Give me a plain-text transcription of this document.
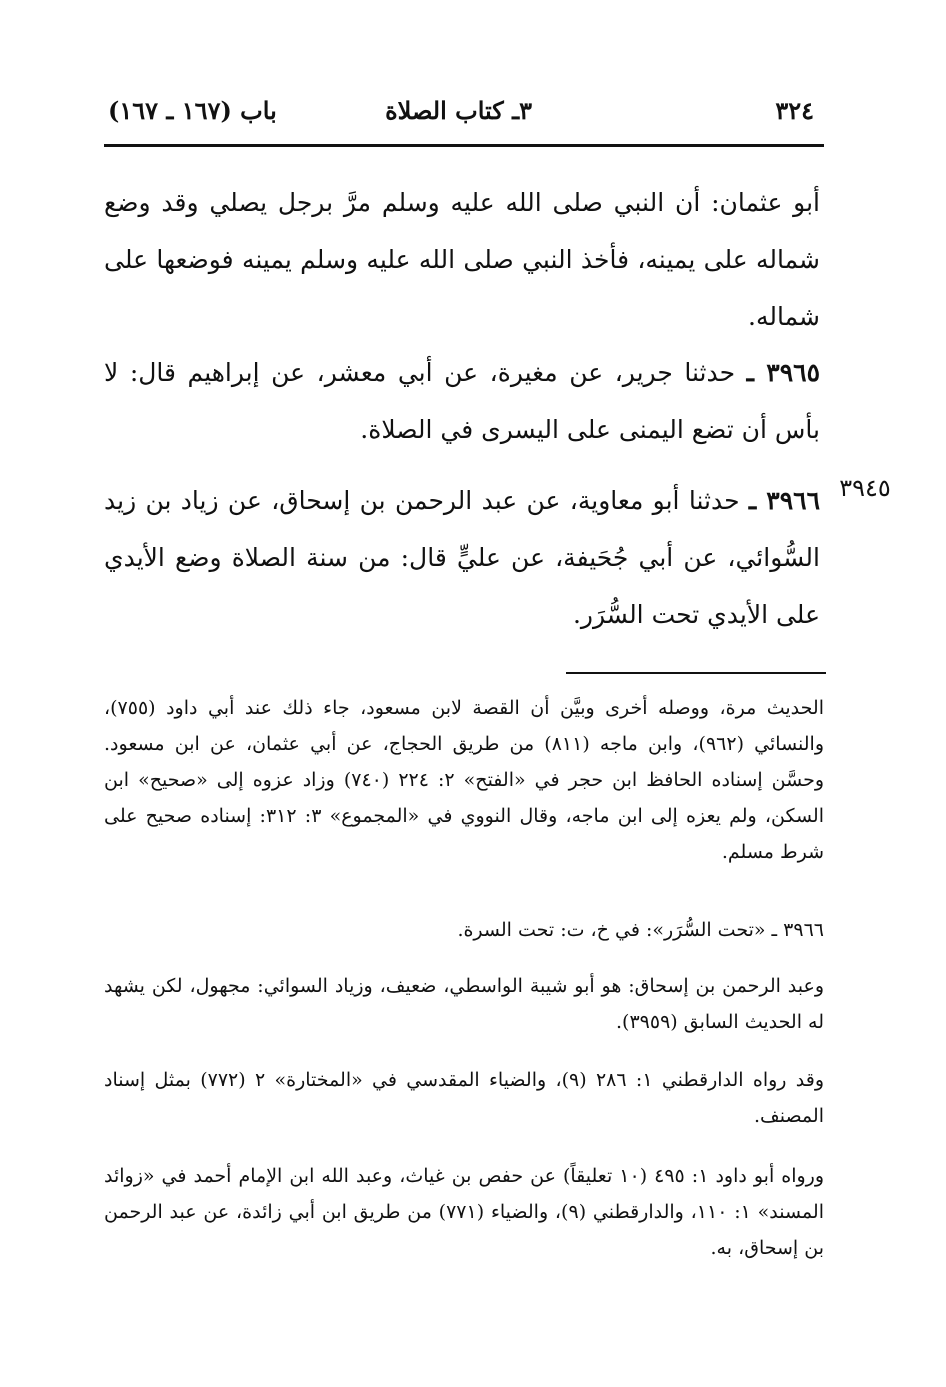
٣٢٤
٣ـ كتاب الصلاة
باب (١٦٧ ـ ١٦٧)
أبو عثمان: أن النبي صلى الله عليه وسلم مرَّ برجل يصلي وقد وضع شماله على يمينه، فأخذ النبي صلى الله عليه وسلم يمينه فوضعها على شماله.
٣٩٦٥ ـ حدثنا جرير، عن مغيرة، عن أبي معشر، عن إبراهيم قال: لا بأس أن تضع اليمنى على اليسرى في الصلاة.
٣٩٦٦ ـ حدثنا أبو معاوية، عن عبد الرحمن بن إسحاق، عن زياد بن زيد السُّوائي، عن أبي جُحَيفة، عن عليٍّ قال: من سنة الصلاة وضع الأيدي على الأيدي تحت السُّرَر.
٣٩٤٥
الحديث مرة، ووصله أخرى وبيَّن أن القصة لابن مسعود، جاء ذلك عند أبي داود (٧٥٥)، والنسائي (٩٦٢)، وابن ماجه (٨١١) من طريق الحجاج، عن أبي عثمان، عن ابن مسعود. وحسَّن إسناده الحافظ ابن حجر في «الفتح» ٢: ٢٢٤ (٧٤٠) وزاد عزوه إلى «صحيح» ابن السكن، ولم يعزه إلى ابن ماجه، وقال النووي في «المجموع» ٣: ٣١٢: إسناده صحيح على شرط مسلم.
٣٩٦٦ ـ «تحت السُّرَر»: في خ، ت: تحت السرة.
وعبد الرحمن بن إسحاق: هو أبو شيبة الواسطي، ضعيف، وزياد السوائي: مجهول، لكن يشهد له الحديث السابق (٣٩٥٩).
وقد رواه الدارقطني ١: ٢٨٦ (٩)، والضياء المقدسي في «المختارة» ٢ (٧٧٢) بمثل إسناد المصنف.
ورواه أبو داود ١: ٤٩٥ (١٠ تعليقاً) عن حفص بن غياث، وعبد الله ابن الإمام أحمد في «زوائد المسند» ١: ١١٠، والدارقطني (٩)، والضياء (٧٧١) من طريق ابن أبي زائدة، عن عبد الرحمن بن إسحاق، به.
